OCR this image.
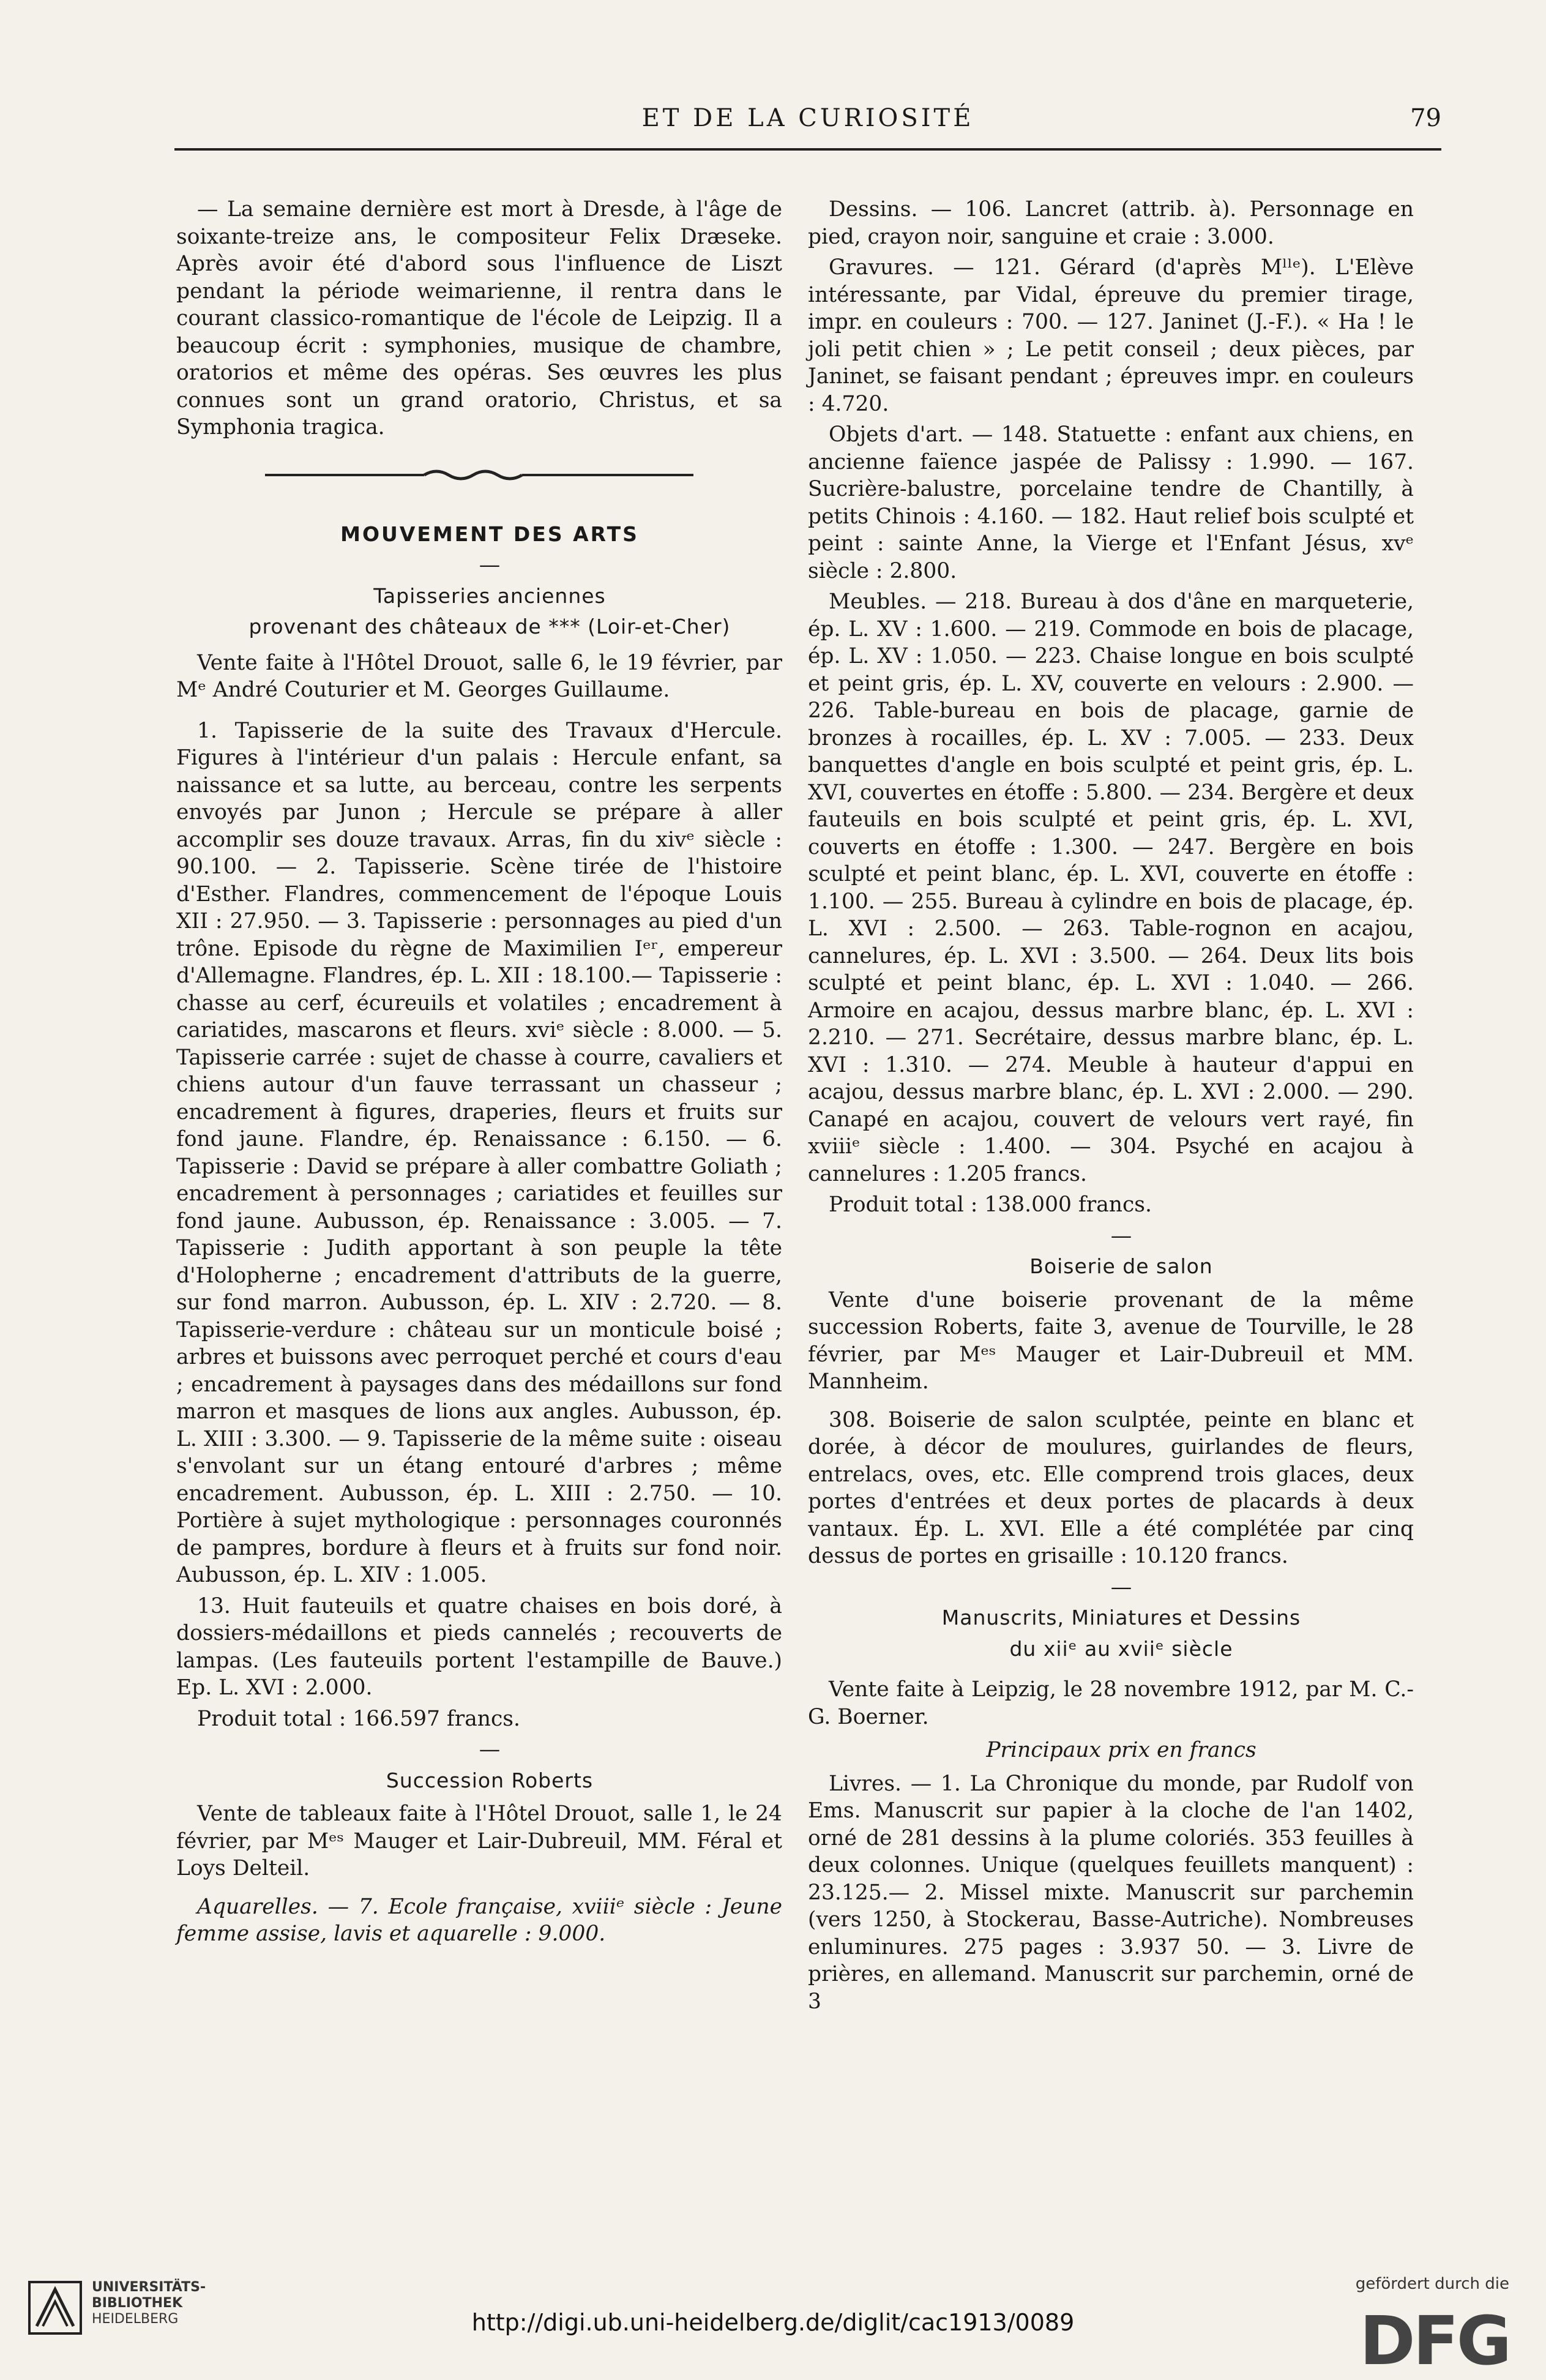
ET DE LA CURIOSITÉ	79

— La semaine dernière est mort à Dresde, à l'âge de soixante-treize ans, le compositeur Felix Dræseke. Après avoir été d'abord sous l'influence de Liszt pendant la période weimarienne, il rentra dans le courant classico-romantique de l'école de Leipzig. Il a beaucoup écrit : symphonies, musique de chambre, oratorios et même des opéras. Ses œuvres les plus connues sont un grand oratorio, Christus, et sa Symphonia tragica.

MOUVEMENT DES ARTS

—

Tapisseries anciennes

provenant des châteaux de *** (Loir-et-Cher)

Vente faite à l'Hôtel Drouot, salle 6, le 19 février, par Mᵉ André Couturier et M. Georges Guillaume.

1. Tapisserie de la suite des Travaux d'Hercule. Figures à l'intérieur d'un palais : Hercule enfant, sa naissance et sa lutte, au berceau, contre les serpents envoyés par Junon ; Hercule se prépare à aller accomplir ses douze travaux. Arras, fin du xivᵉ siècle : 90.100. — 2. Tapisserie. Scène tirée de l'histoire d'Esther. Flandres, commencement de l'époque Louis XII : 27.950. — 3. Tapisserie : personnages au pied d'un trône. Episode du règne de Maximilien Iᵉʳ, empereur d'Allemagne. Flandres, ép. L. XII : 18.100.— Tapisserie : chasse au cerf, écureuils et volatiles ; encadrement à cariatides, mascarons et fleurs. xviᵉ siècle : 8.000. — 5. Tapisserie carrée : sujet de chasse à courre, cavaliers et chiens autour d'un fauve terrassant un chasseur ; encadrement à figures, draperies, fleurs et fruits sur fond jaune. Flandre, ép. Renaissance : 6.150. — 6. Tapisserie : David se prépare à aller combattre Goliath ; encadrement à personnages ; cariatides et feuilles sur fond jaune. Aubusson, ép. Renaissance : 3.005. — 7. Tapisserie : Judith apportant à son peuple la tête d'Holopherne ; encadrement d'attributs de la guerre, sur fond marron. Aubusson, ép. L. XIV : 2.720. — 8. Tapisserie-verdure : château sur un monticule boisé ; arbres et buissons avec perroquet perché et cours d'eau ; encadrement à paysages dans des médaillons sur fond marron et masques de lions aux angles. Aubusson, ép. L. XIII : 3.300. — 9. Tapisserie de la même suite : oiseau s'envolant sur un étang entouré d'arbres ; même encadrement. Aubusson, ép. L. XIII : 2.750. — 10. Portière à sujet mythologique : personnages couronnés de pampres, bordure à fleurs et à fruits sur fond noir. Aubusson, ép. L. XIV : 1.005.

13. Huit fauteuils et quatre chaises en bois doré, à dossiers-médaillons et pieds cannelés ; recouverts de lampas. (Les fauteuils portent l'estampille de Bauve.) Ep. L. XVI : 2.000.

Produit total : 166.597 francs.

—

Succession Roberts

Vente de tableaux faite à l'Hôtel Drouot, salle 1, le 24 février, par Mᵉˢ Mauger et Lair-Dubreuil, MM. Féral et Loys Delteil.

Aquarelles. — 7. Ecole française, xviiiᵉ siècle : Jeune femme assise, lavis et aquarelle : 9.000.

Dessins. — 106. Lancret (attrib. à). Personnage en pied, crayon noir, sanguine et craie : 3.000.

Gravures. — 121. Gérard (d'après Mˡˡᵉ). L'Elève intéressante, par Vidal, épreuve du premier tirage, impr. en couleurs : 700. — 127. Janinet (J.-F.). « Ha ! le joli petit chien » ; Le petit conseil ; deux pièces, par Janinet, se faisant pendant ; épreuves impr. en couleurs : 4.720.

Objets d'art. — 148. Statuette : enfant aux chiens, en ancienne faïence jaspée de Palissy : 1.990. — 167. Sucrière-balustre, porcelaine tendre de Chantilly, à petits Chinois : 4.160. — 182. Haut relief bois sculpté et peint : sainte Anne, la Vierge et l'Enfant Jésus, xvᵉ siècle : 2.800.

Meubles. — 218. Bureau à dos d'âne en marqueterie, ép. L. XV : 1.600. — 219. Commode en bois de placage, ép. L. XV : 1.050. — 223. Chaise longue en bois sculpté et peint gris, ép. L. XV, couverte en velours : 2.900. — 226. Table-bureau en bois de placage, garnie de bronzes à rocailles, ép. L. XV : 7.005. — 233. Deux banquettes d'angle en bois sculpté et peint gris, ép. L. XVI, couvertes en étoffe : 5.800. — 234. Bergère et deux fauteuils en bois sculpté et peint gris, ép. L. XVI, couverts en étoffe : 1.300. — 247. Bergère en bois sculpté et peint blanc, ép. L. XVI, couverte en étoffe : 1.100. — 255. Bureau à cylindre en bois de placage, ép. L. XVI : 2.500. — 263. Table-rognon en acajou, cannelures, ép. L. XVI : 3.500. — 264. Deux lits bois sculpté et peint blanc, ép. L. XVI : 1.040. — 266. Armoire en acajou, dessus marbre blanc, ép. L. XVI : 2.210. — 271. Secrétaire, dessus marbre blanc, ép. L. XVI : 1.310. — 274. Meuble à hauteur d'appui en acajou, dessus marbre blanc, ép. L. XVI : 2.000. — 290. Canapé en acajou, couvert de velours vert rayé, fin xviiiᵉ siècle : 1.400. — 304. Psyché en acajou à cannelures : 1.205 francs.

Produit total : 138.000 francs.

—

Boiserie de salon

Vente d'une boiserie provenant de la même succession Roberts, faite 3, avenue de Tourville, le 28 février, par Mᵉˢ Mauger et Lair-Dubreuil et MM. Mannheim.

308. Boiserie de salon sculptée, peinte en blanc et dorée, à décor de moulures, guirlandes de fleurs, entrelacs, oves, etc. Elle comprend trois glaces, deux portes d'entrées et deux portes de placards à deux vantaux. Ép. L. XVI. Elle a été complétée par cinq dessus de portes en grisaille : 10.120 francs.

—

Manuscrits, Miniatures et Dessins

du xiiᵉ au xviiᵉ siècle

Vente faite à Leipzig, le 28 novembre 1912, par M. C.-G. Boerner.

Principaux prix en francs

Livres. — 1. La Chronique du monde, par Rudolf von Ems. Manuscrit sur papier à la cloche de l'an 1402, orné de 281 dessins à la plume coloriés. 353 feuilles à deux colonnes. Unique (quelques feuillets manquent) : 23.125.— 2. Missel mixte. Manuscrit sur parchemin (vers 1250, à Stockerau, Basse-Autriche). Nombreuses enluminures. 275 pages : 3.937 50. — 3. Livre de prières, en allemand. Manuscrit sur parchemin, orné de 3

UNIVERSITÄTS-
BIBLIOTHEK
HEIDELBERG	http://digi.ub.uni-heidelberg.de/diglit/cac1913/0089
gefördert durch die
DFG
